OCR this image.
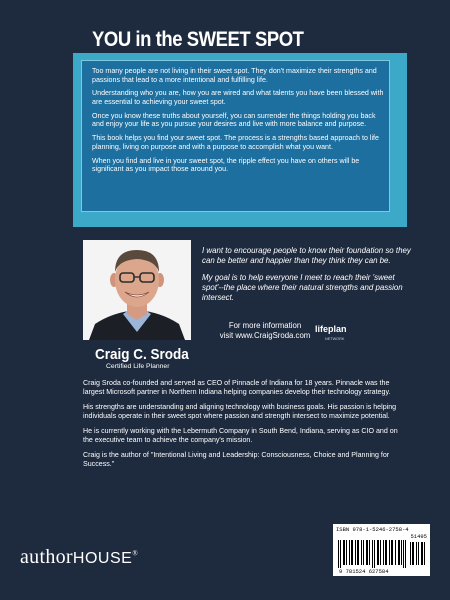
YOU in the SWEET SPOT

Too many people are not living in their sweet spot. They don't maximize their strengths and passions that lead to a more intentional and fulfilling life.

Understanding who you are, how you are wired and what talents you have been blessed with are essential to achieving your sweet spot.

Once you know these truths about yourself, you can surrender the things holding you back and enjoy your life as you pursue your desires and live with more balance and purpose.

This book helps you find your sweet spot. The process is a strengths based approach to life planning, living on purpose and with a purpose to accomplish what you want.

When you find and live in your sweet spot, the ripple effect you have on others will be significant as you impact those around you.

I want to encourage people to know their foundation so they can be better and happier than they think they can be.

My goal is to help everyone I meet to reach their 'sweet spot'--the place where their natural strengths and passion intersect.

For more information
visit www.CraigSroda.com
lifeplan
NETWORK
Craig C. Sroda
Certified Life Planner

Craig Sroda co-founded and served as CEO of Pinnacle of Indiana for 18 years. Pinnacle was the largest Microsoft partner in Northern Indiana helping companies develop their technology strategy.

His strengths are understanding and aligning technology with business goals. His passion is helping individuals operate in their sweet spot where passion and strength intersect to maximize potential.

He is currently working with the Lebermuth Company in South Bend, Indiana, serving as CIO and on the executive team to achieve the company's mission.

Craig is the author of "Intentional Living and Leadership: Consciousness, Choice and Planning for Success."

ISBN 978-1-5246-2758-4
51495
9 781524 627584
authorHOUSE®
